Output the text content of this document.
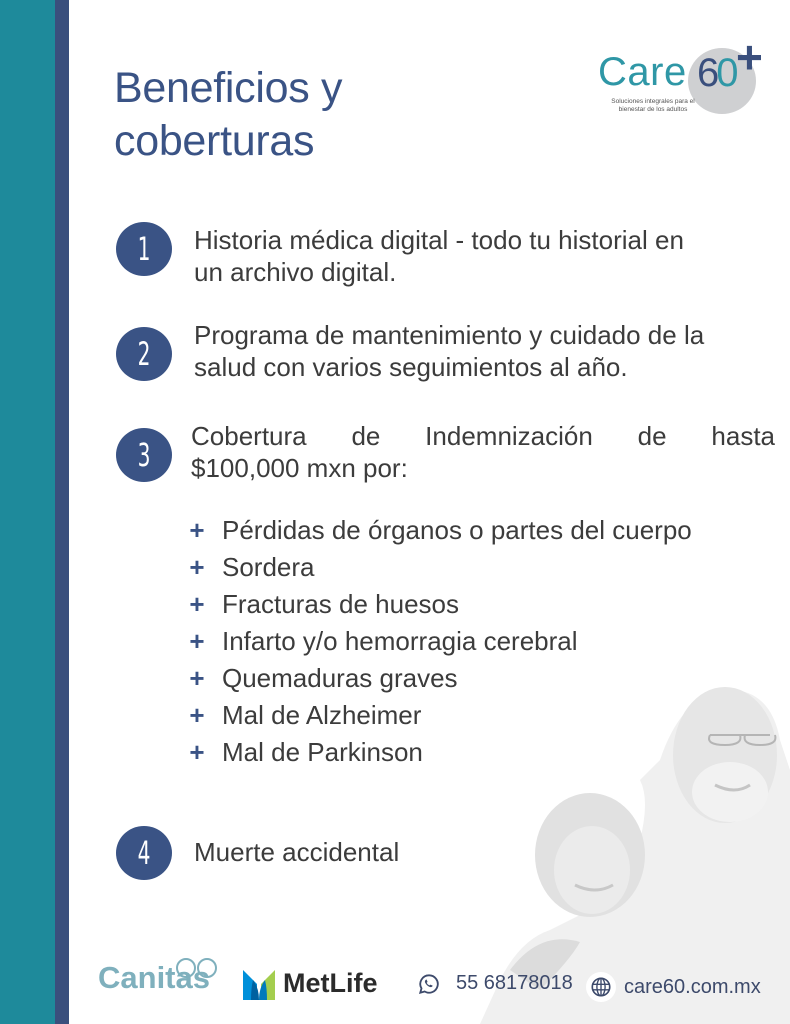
Beneficios y
coberturas
Care 60 +
Soluciones integrales para el
bienestar de los adultos
1	Historia médica digital - todo tu historial en
un archivo digital.
2	Programa de mantenimiento y cuidado de la
salud con varios seguimientos al año.
3	Cobertura de Indemnización de hasta
$100,000 mxn por:
+ Pérdidas de órganos o partes del cuerpo
+ Sordera
+ Fracturas de huesos
+ Infarto y/o hemorragia cerebral
+ Quemaduras graves
+ Mal de Alzheimer
+ Mal de Parkinson
4	Muerte accidental
Canitas	MetLife	55 68178018	care60.com.mx
